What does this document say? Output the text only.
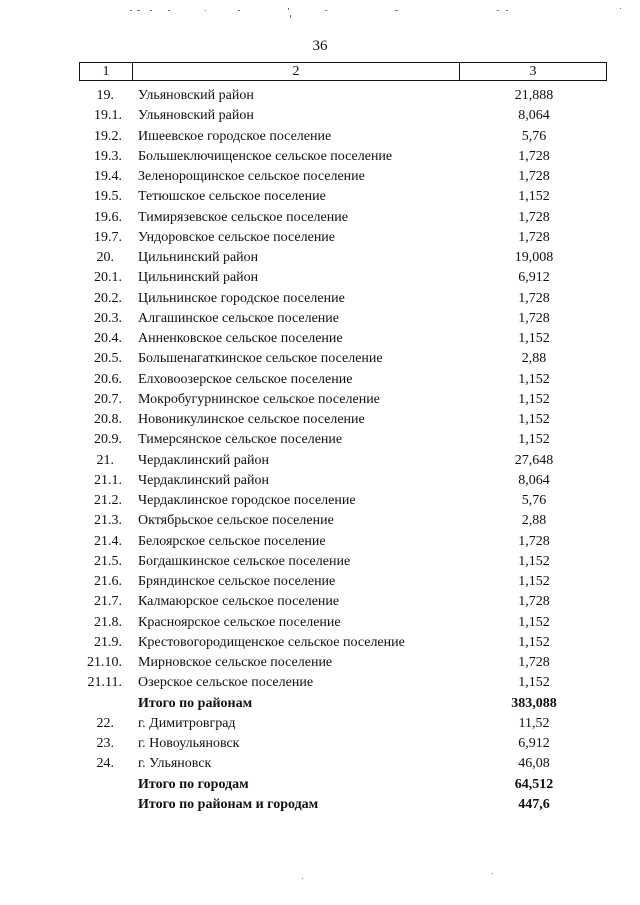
36
1	2	3
19. Ульяновский район	21,888
19.1. Ульяновский район	8,064
19.2. Ишеевское городское поселение	5,76
19.3. Большеключищенское сельское поселение	1,728
19.4. Зеленорощинское сельское поселение	1,728
19.5. Тетюшское сельское поселение	1,152
19.6. Тимирязевское сельское поселение	1,728
19.7. Ундоровское сельское поселение	1,728
20. Цильнинский район	19,008
20.1. Цильнинский район	6,912
20.2. Цильнинское городское поселение	1,728
20.3. Алгашинское сельское поселение	1,728
20.4. Анненковское сельское поселение	1,152
20.5. Большенагаткинское сельское поселение	2,88
20.6. Елховоозерское сельское поселение	1,152
20.7. Мокробугурнинское сельское поселение	1,152
20.8. Новоникулинское сельское поселение	1,152
20.9. Тимерсянское сельское поселение	1,152
21. Чердаклинский район	27,648
21.1. Чердаклинский район	8,064
21.2. Чердаклинское городское поселение	5,76
21.3. Октябрьское сельское поселение	2,88
21.4. Белоярское сельское поселение	1,728
21.5. Богдашкинское сельское поселение	1,152
21.6. Бряндинское сельское поселение	1,152
21.7. Калмаюрское сельское поселение	1,728
21.8. Красноярское сельское поселение	1,152
21.9. Крестовогородищенское сельское поселение	1,152
21.10. Мирновское сельское поселение	1,728
21.11. Озерское сельское поселение	1,152
Итого по районам	383,088
22. г. Димитровград	11,52
23. г. Новоульяновск	6,912
24. г. Ульяновск	46,08
Итого по городам	64,512
Итого по районам и городам	447,6
